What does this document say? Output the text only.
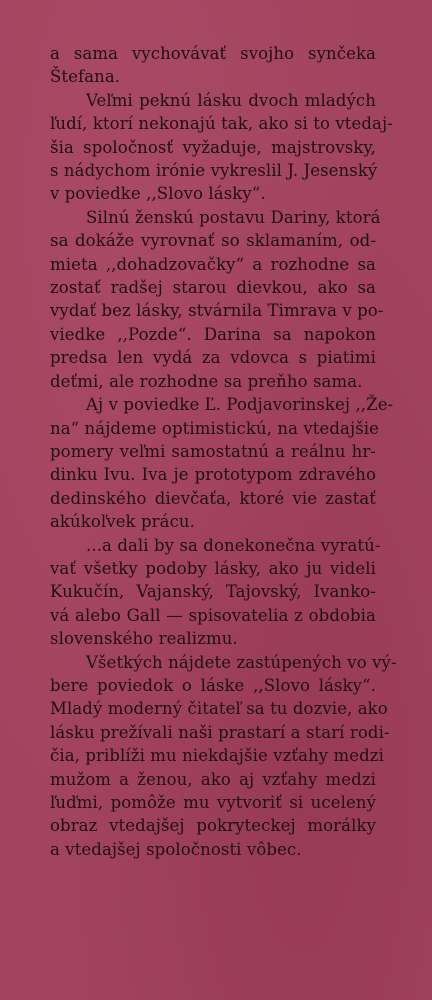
a sama vychovávať svojho synčeka
Štefana.

Veľmi peknú lásku dvoch mladých
ľudí, ktorí nekonajú tak, ako si to vtedaj-
šia spoločnosť vyžaduje, majstrovsky,
s nádychom irónie vykreslil J. Jesenský
v poviedke ,,Slovo lásky“.

Silnú ženskú postavu Dariny, ktorá
sa dokáže vyrovnať so sklamaním, od-
mieta ,,dohadzovačky“ a rozhodne sa
zostať radšej starou dievkou, ako sa
vydať bez lásky, stvárnila Timrava v po-
viedke ,,Pozde“. Darina sa napokon
predsa len vydá za vdovca s piatimi
deťmi, ale rozhodne sa preňho sama.

Aj v poviedke Ľ. Podjavorinskej ,,Že-
na“ nájdeme optimistickú, na vtedajšie
pomery veľmi samostatnú a reálnu hr-
dinku Ivu. Iva je prototypom zdravého
dedinského dievčaťa, ktoré vie zastať
akúkoľvek prácu.

...a dali by sa donekonečna vyratú-
vať všetky podoby lásky, ako ju videli
Kukučín, Vajanský, Tajovský, Ivanko-
vá alebo Gall — spisovatelia z obdobia
slovenského realizmu.

Všetkých nájdete zastúpených vo vý-
bere poviedok o láske ,,Slovo lásky“.
Mladý moderný čitateľ sa tu dozvie, ako
lásku prežívali naši prastarí a starí rodi-
čia, priblíži mu niekdajšie vzťahy medzi
mužom a ženou, ako aj vzťahy medzi
ľuďmi, pomôže mu vytvoriť si ucelený
obraz vtedajšej pokryteckej morálky
a vtedajšej spoločnosti vôbec.
